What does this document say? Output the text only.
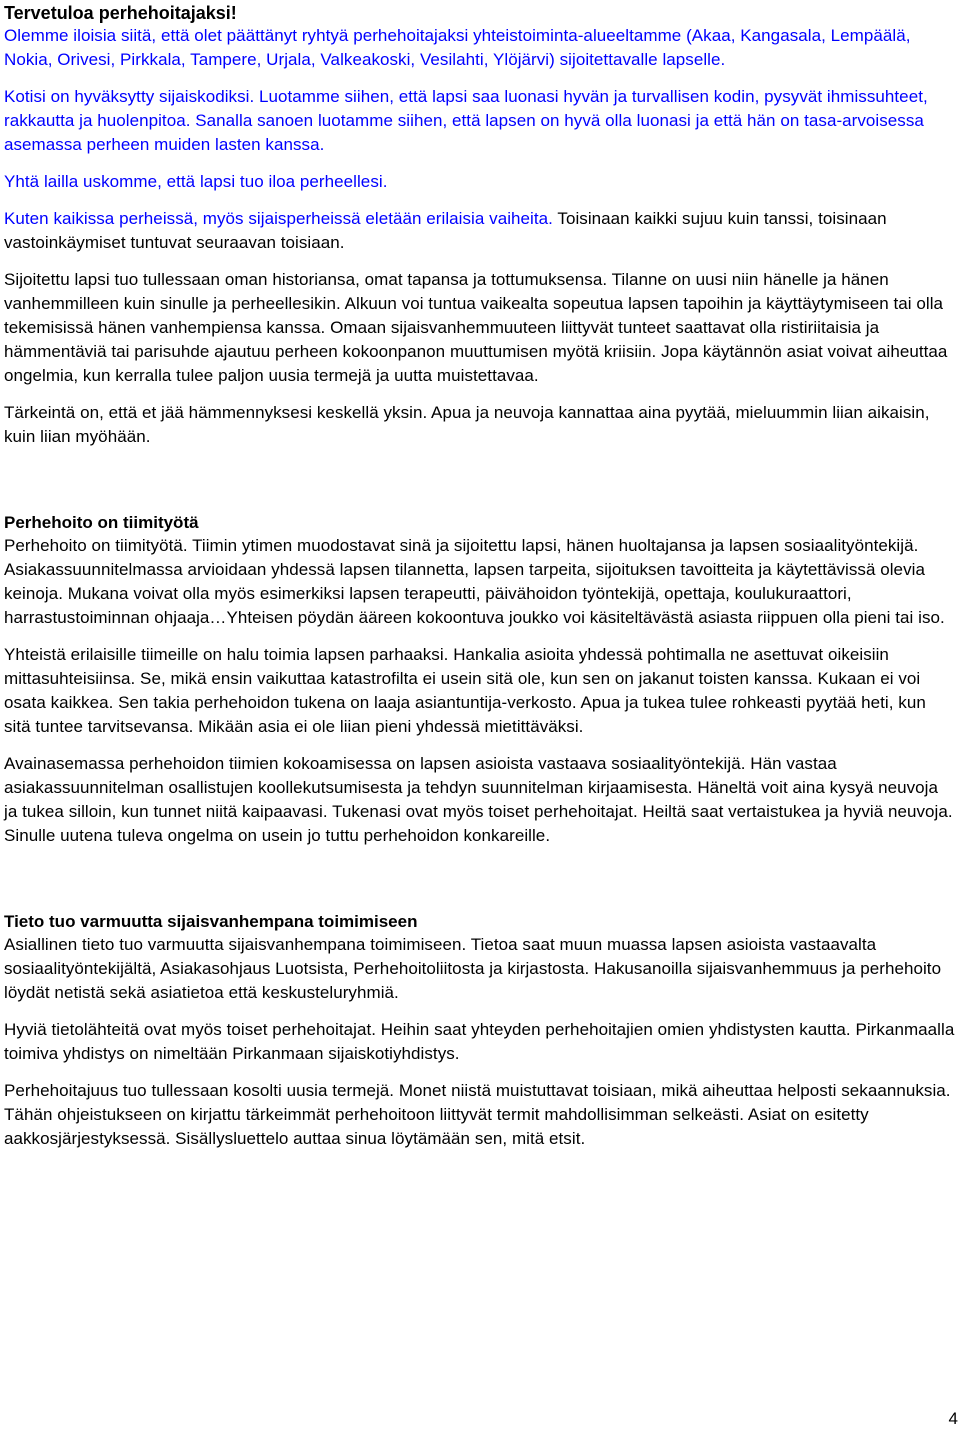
Tervetuloa perhehoitajaksi!

Olemme iloisia siitä, että olet päättänyt ryhtyä perhehoitajaksi yhteistoiminta-alueeltamme (Akaa, Kangasala, Lempäälä, Nokia, Orivesi, Pirkkala, Tampere, Urjala, Valkeakoski, Vesilahti, Ylöjärvi) sijoitettavalle lapselle.

Kotisi on hyväksytty sijaiskodiksi. Luotamme siihen, että lapsi saa luonasi hyvän ja turvallisen kodin, pysyvät ihmissuhteet, rakkautta ja huolenpitoa. Sanalla sanoen luotamme siihen, että lapsen on hyvä olla luonasi ja että hän on tasa-arvoisessa asemassa perheen muiden lasten kanssa.

Yhtä lailla uskomme, että lapsi tuo iloa perheellesi.

Kuten kaikissa perheissä, myös sijaisperheissä eletään erilaisia vaiheita. Toisinaan kaikki sujuu kuin tanssi, toisinaan vastoinkäymiset tuntuvat seuraavan toisiaan.

Sijoitettu lapsi tuo tullessaan oman historiansa, omat tapansa ja tottumuksensa. Tilanne on uusi niin hänelle ja hänen vanhemmilleen kuin sinulle ja perheellesikin. Alkuun voi tuntua vaikealta sopeutua lapsen tapoihin ja käyttäytymiseen tai olla tekemisissä hänen vanhempiensa kanssa. Omaan sijaisvanhemmuuteen liittyvät tunteet saattavat olla ristiriitaisia ja hämmentäviä tai parisuhde ajautuu perheen kokoonpanon muuttumisen myötä kriisiin. Jopa käytännön asiat voivat aiheuttaa ongelmia, kun kerralla tulee paljon uusia termejä ja uutta muistettavaa.

Tärkeintä on, että et jää hämmennyksesi keskellä yksin. Apua ja neuvoja kannattaa aina pyytää, mieluummin liian aikaisin, kuin liian myöhään.

Perhehoito on tiimityötä

Perhehoito on tiimityötä. Tiimin ytimen muodostavat sinä ja sijoitettu lapsi, hänen huoltajansa ja lapsen sosiaalityöntekijä. Asiakassuunnitelmassa arvioidaan yhdessä lapsen tilannetta, lapsen tarpeita, sijoituksen tavoitteita ja käytettävissä olevia keinoja. Mukana voivat olla myös esimerkiksi lapsen terapeutti, päivähoidon työntekijä, opettaja, koulukuraattori, harrastustoiminnan ohjaaja…Yhteisen pöydän ääreen kokoontuva joukko voi käsiteltävästä asiasta riippuen olla pieni tai iso.

Yhteistä erilaisille tiimeille on halu toimia lapsen parhaaksi. Hankalia asioita yhdessä pohtimalla ne asettuvat oikeisiin mittasuhteisiinsa. Se, mikä ensin vaikuttaa katastrofilta ei usein sitä ole, kun sen on jakanut toisten kanssa. Kukaan ei voi osata kaikkea. Sen takia perhehoidon tukena on laaja asiantuntija-verkosto. Apua ja tukea tulee rohkeasti pyytää heti, kun sitä tuntee tarvitsevansa. Mikään asia ei ole liian pieni yhdessä mietittäväksi.

Avainasemassa perhehoidon tiimien kokoamisessa on lapsen asioista vastaava sosiaalityöntekijä. Hän vastaa asiakassuunnitelman osallistujen koollekutsumisesta ja tehdyn suunnitelman kirjaamisesta. Häneltä voit aina kysyä neuvoja ja tukea silloin, kun tunnet niitä kaipaavasi. Tukenasi ovat myös toiset perhehoitajat. Heiltä saat vertaistukea ja hyviä neuvoja. Sinulle uutena tuleva ongelma on usein jo tuttu perhehoidon konkareille.

Tieto tuo varmuutta sijaisvanhempana toimimiseen

Asiallinen tieto tuo varmuutta sijaisvanhempana toimimiseen. Tietoa saat muun muassa lapsen asioista vastaavalta sosiaalityöntekijältä, Asiakasohjaus Luotsista, Perhehoitoliitosta ja kirjastosta. Hakusanoilla sijaisvanhemmuus ja perhehoito löydät netistä sekä asiatietoa että keskusteluryhmiä.

Hyviä tietolähteitä ovat myös toiset perhehoitajat. Heihin saat yhteyden perhehoitajien omien yhdistysten kautta. Pirkanmaalla toimiva yhdistys on nimeltään Pirkanmaan sijaiskotiyhdistys.

Perhehoitajuus tuo tullessaan kosolti uusia termejä. Monet niistä muistuttavat toisiaan, mikä aiheuttaa helposti sekaannuksia. Tähän ohjeistukseen on kirjattu tärkeimmät perhehoitoon liittyvät termit mahdollisimman selkeästi. Asiat on esitetty aakkosjärjestyksessä. Sisällysluettelo auttaa sinua löytämään sen, mitä etsit.

4
